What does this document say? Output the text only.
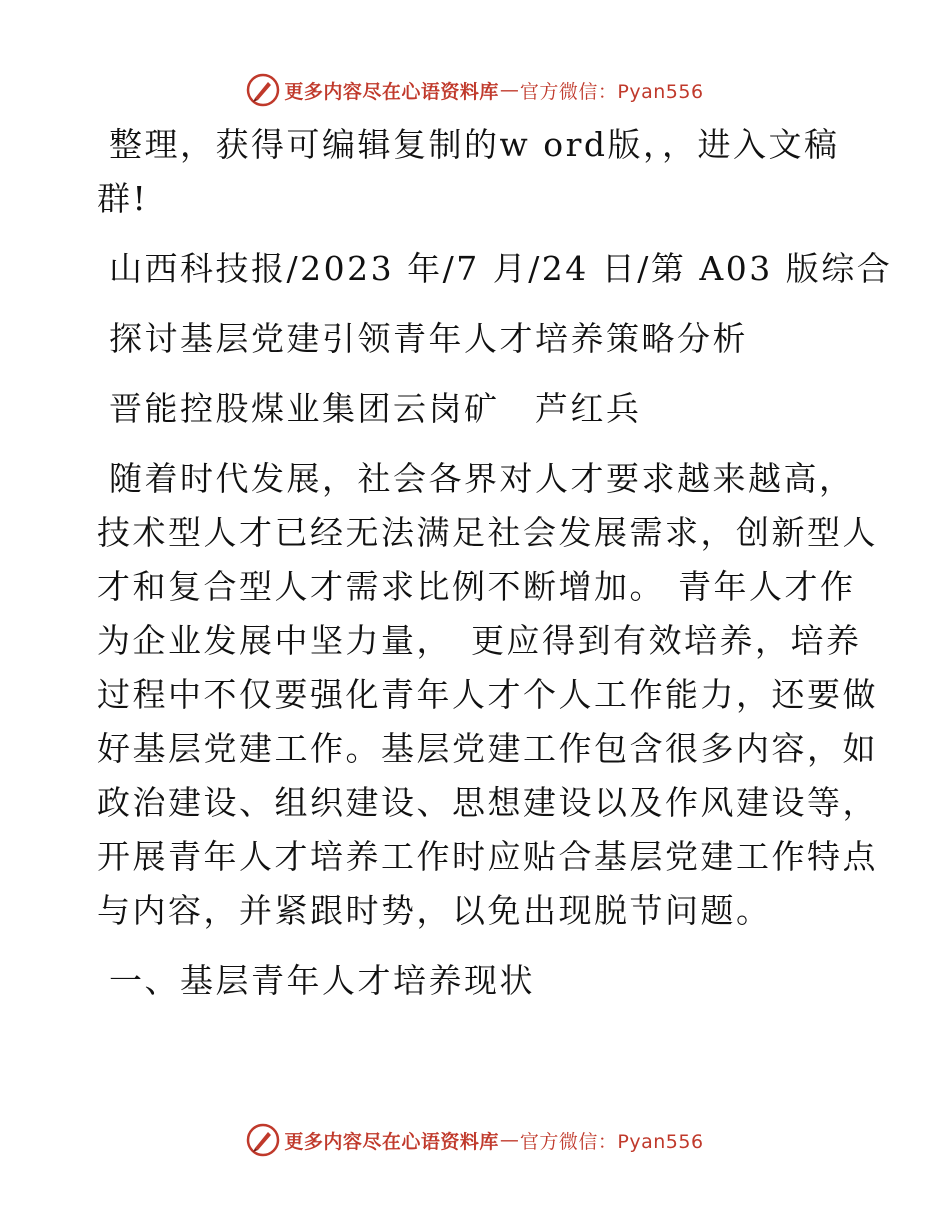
更多内容尽在心语资料库 — 官方微信：Pyan556
整理，获得可编辑复制的w ord版，，进入文稿
群!
山西科技报/2023 年/7 月/24 日/第 A03 版综合
探讨基层党建引领青年人才培养策略分析
晋能控股煤业集团云岗矿　芦红兵
随着时代发展，社会各界对人才要求越来越高，
技术型人才已经无法满足社会发展需求，创新型人
才和复合型人才需求比例不断增加。 青年人才作
为企业发展中坚力量，　更应得到有效培养，培养
过程中不仅要强化青年人才个人工作能力，还要做
好基层党建工作。基层党建工作包含很多内容，如
政治建设、组织建设、思想建设以及作风建设等，
开展青年人才培养工作时应贴合基层党建工作特点
与内容，并紧跟时势，以免出现脱节问题。
一、基层青年人才培养现状
更多内容尽在心语资料库 — 官方微信：Pyan556
